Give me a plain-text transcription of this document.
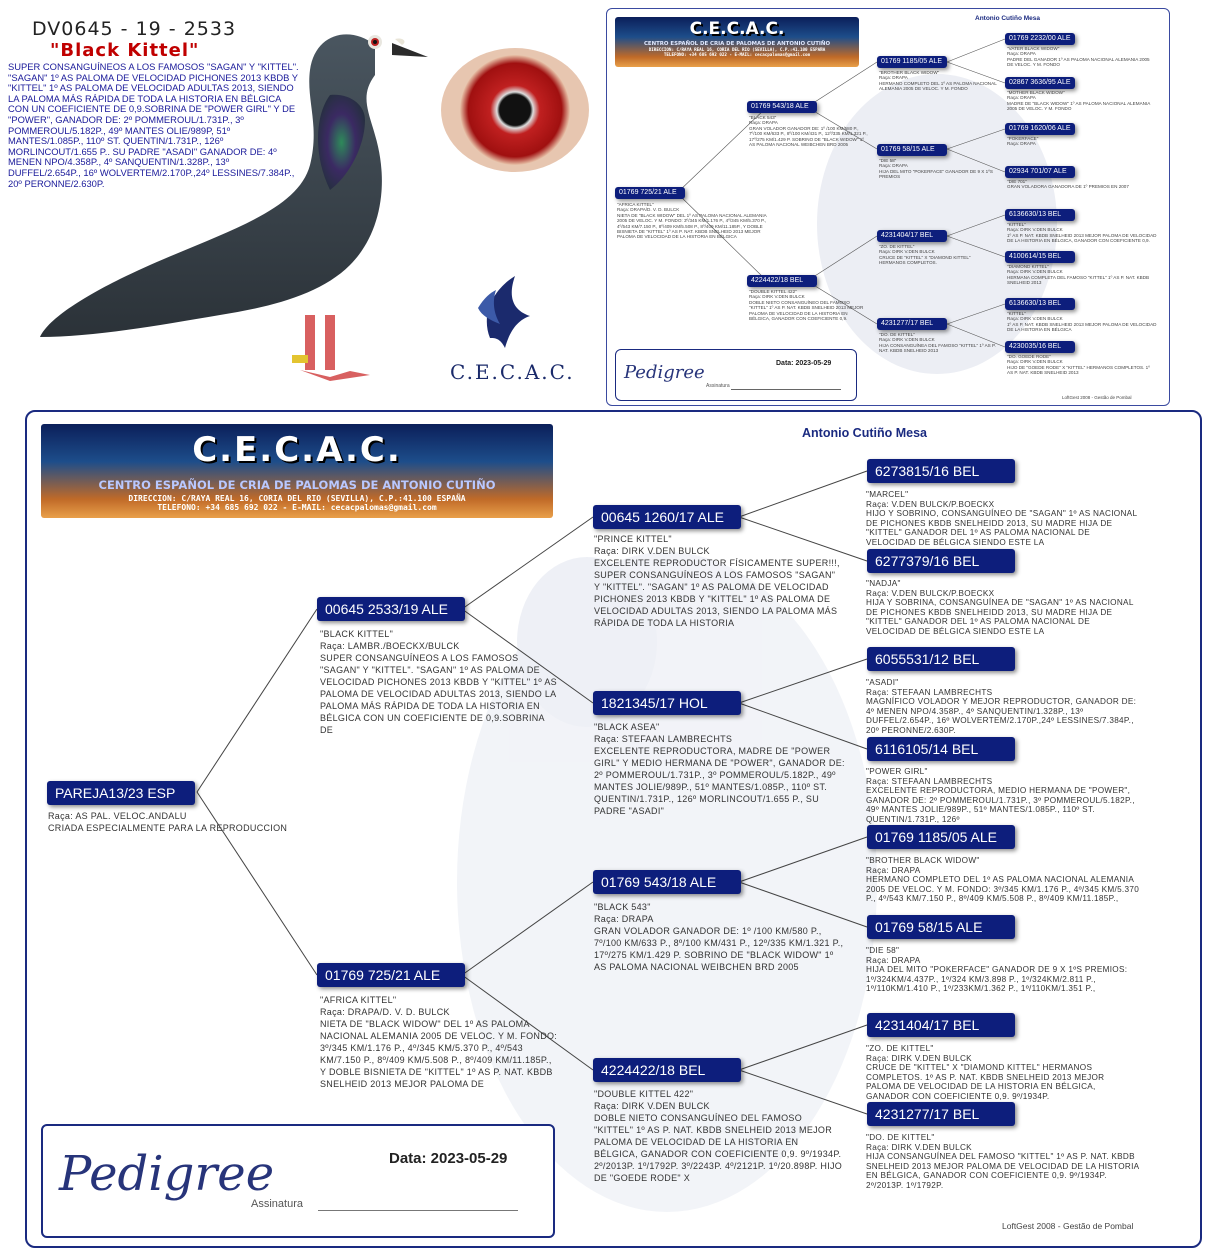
DV0645 - 19 - 2533
"Black Kittel"
SUPER CONSANGUÍNEOS A LOS FAMOSOS "SAGAN" Y "KITTEL". "SAGAN" 1º AS PALOMA DE VELOCIDAD PICHONES 2013 KBDB Y "KITTEL" 1º AS PALOMA DE VELOCIDAD ADULTAS 2013, SIENDO LA PALOMA MÁS RÁPIDA DE TODA LA HISTORIA EN BÉLGICA CON UN COEFICIENTE DE 0,9.SOBRINA DE "POWER GIRL" Y DE "POWER", GANADOR DE: 2º POMMEROUL/1.731P., 3º POMMEROUL/5.182P., 49º MANTES OLIE/989P, 51º MANTES/1.085P., 110º ST. QUENTIN/1.731P., 126º MORLINCOUT/1.655 P.. SU PADRE "ASADI" GANADOR DE: 4º MENEN NPO/4.358P., 4º SANQUENTIN/1.328P., 13º DUFFEL/2.654P., 16º WOLVERTEM/2.170P.,24º LESSINES/7.384P., 20º PERONNE/2.630P.
C.E.C.A.C.
C.E.C.A.C.
CENTRO ESPAÑOL DE CRIA DE PALOMAS DE ANTONIO CUTIÑO
DIRECCION: C/RAYA REAL 16, CORIA DEL RIO (SEVILLA), C.P.:41.100 ESPAÑA
TELEFONO: +34 685 692 022 - E-MAIL: cecacpalomas@gmail.com
Antonio Cutiño Mesa
01769 725/21 ALE
"AFRICA KITTEL"
Raça: DRAPA/D. V. D. BULCK
NIETA DE "BLACK WIDOW" DEL 1º AS PALOMA NACIONAL ALEMANIA 2005 DE VELOC. Y M. FONDO: 3º/345 KM/1.176 P., 4º/345 KM/5.370 P., 4º/543 KM/7.150 P., 8º/409 KM/5.508 P., 8º/409 KM/11.185P., Y DOBLE BISNIETA DE "KITTEL" 1º AS P. NAT. KBDB SNELHEID 2013 MEJOR PALOMA DE VELOCIDAD DE LA HISTORIA EN BÉLGICA
01769 543/18 ALE
"BLACK 543"
Raça: DRAPA
GRAN VOLADOR GANADOR DE: 1º /100 KM/580 P., 7º/100 KM/633 P., 8º/100 KM/431 P., 12º/335 KM/1.321 P., 17º/275 KM/1.429 P. SOBRINO DE "BLACK WIDOW" 1º AS PALOMA NACIONAL WEIBCHEN BRD 2005
4224422/18 BEL
"DOUBLE KITTEL 422"
Raça: DIRK V.DEN BULCK
DOBLE NIETO CONSANGUÍNEO DEL FAMOSO "KITTEL" 1º AS P. NAT. KBDB SNELHEID 2013 MEJOR PALOMA DE VELOCIDAD DE LA HISTORIA EN BÉLGICA, GANADOR CON COEFICIENTE 0,9.
01769 1185/05 ALE
"BROTHER BLACK WIDOW"
Raça: DRAPA
HERMANO COMPLETO DEL 1º AS PALOMA NACIONAL ALEMANIA 2005 DE VELOC. Y M. FONDO
01769 58/15 ALE
"DIE 58"
Raça: DRAPA
HIJA DEL MITO "POKERFACE" GANADOR DE 9 X 1ºS PREMIOS
4231404/17 BEL
"ZO. DE KITTEL"
Raça: DIRK V.DEN BULCK
CRUCE DE "KITTEL" X "DIAMOND KITTEL" HERMANOS COMPLETOS.
4231277/17 BEL
"DO. DE KITTEL"
Raça: DIRK V.DEN BULCK
HIJA CONSANGUÍNEA DEL FAMOSO "KITTEL" 1º AS P. NAT. KBDB SNELHEID 2013
01769 2232/00 ALE
"VATER BLACK WIDOW"
Raça: DRAPA
PADRE DEL GANADOR 1º AS PALOMA NACIONAL ALEMANIA 2005 DE VELOC. Y M. FONDO
02867 3636/95 ALE
"MOTHER BLACK WIDOW"
Raça: DRAPA
MADRE DE "BLACK WIDOW" 1º AS PALOMA NACIONAL ALEMANIA 2005 DE VELOC. Y M. FONDO
01769 1620/06 ALE
"POKERFACE"
Raça: DRAPA
02934 701/07 ALE
"DIE 701"
GRAN VOLADORA GANADORA DE 1º PREMIOS EN 2007
6136630/13 BEL
"KITTEL"
Raça: DIRK V.DEN BULCK
1º AS P. NAT. KBDB SNELHEID 2013 MEJOR PALOMA DE VELOCIDAD DE LA HISTORIA EN BÉLGICA, GANADOR CON COEFICIENTE 0,9.
4100614/15 BEL
"DIAMOND KITTEL"
Raça: DIRK V.DEN BULCK
HERMANA COMPLETA DEL FAMOSO "KITTEL" 1º AS P. NAT. KBDB SNELHEID 2013
6136630/13 BEL
"KITTEL"
Raça: DIRK V.DEN BULCK
1º AS P. NAT. KBDB SNELHEID 2013 MEJOR PALOMA DE VELOCIDAD DE LA HISTORIA EN BÉLGICA
4230035/16 BEL
"DO. GOEDE RODE"
Raça: DIRK V.DEN BULCK
HIJO DE "GOEDE RODE" X "KITTEL" HERMANOS COMPLETOS. 1º AS P. NAT. KBDB SNELHEID 2013
Pedigree	Data: 2023-05-29
Assinatura
LoftGest 2008 - Gestão de Pombal
C.E.C.A.C.
CENTRO ESPAÑOL DE CRIA DE PALOMAS DE ANTONIO CUTIÑO
DIRECCION: C/RAYA REAL 16, CORIA DEL RIO (SEVILLA), C.P.:41.100 ESPAÑA
TELEFONO: +34 685 692 022 - E-MAIL: cecacpalomas@gmail.com
Antonio Cutiño Mesa
PAREJA13/23 ESP
Raça: AS PAL. VELOC.ANDALU
CRIADA ESPECIALMENTE PARA LA REPRODUCCION
00645 2533/19 ALE
"BLACK KITTEL"
Raça: LAMBR./BOECKX/BULCK
SUPER CONSANGUÍNEOS A LOS FAMOSOS "SAGAN" Y "KITTEL". "SAGAN" 1º AS PALOMA DE VELOCIDAD PICHONES 2013 KBDB Y "KITTEL" 1º AS PALOMA DE VELOCIDAD ADULTAS 2013, SIENDO LA PALOMA MÁS RÁPIDA DE TODA LA HISTORIA EN BÉLGICA CON UN COEFICIENTE DE 0,9.SOBRINA DE
01769 725/21 ALE
"AFRICA KITTEL"
Raça: DRAPA/D. V. D. BULCK
NIETA DE "BLACK WIDOW" DEL 1º AS PALOMA NACIONAL ALEMANIA 2005 DE VELOC. Y M. FONDO: 3º/345 KM/1.176 P., 4º/345 KM/5.370 P., 4º/543 KM/7.150 P., 8º/409 KM/5.508 P., 8º/409 KM/11.185P., Y DOBLE BISNIETA DE "KITTEL" 1º AS P. NAT. KBDB SNELHEID 2013 MEJOR PALOMA DE
00645 1260/17 ALE
"PRINCE KITTEL"
Raça: DIRK V.DEN BULCK
EXCELENTE REPRODUCTOR FÍSICAMENTE SUPER!!!, SUPER CONSANGUÍNEOS A LOS FAMOSOS "SAGAN" Y "KITTEL". "SAGAN" 1º AS PALOMA DE VELOCIDAD PICHONES 2013 KBDB Y "KITTEL" 1º AS PALOMA DE VELOCIDAD ADULTAS 2013, SIENDO LA PALOMA MÁS RÁPIDA DE TODA LA HISTORIA
1821345/17 HOL
"BLACK ASEA"
Raça: STEFAAN LAMBRECHTS
EXCELENTE REPRODUCTORA, MADRE DE "POWER GIRL" Y MEDIO HERMANA DE "POWER", GANADOR DE: 2º POMMEROUL/1.731P., 3º POMMEROUL/5.182P., 49º MANTES JOLIE/989P., 51º MANTES/1.085P., 110º ST. QUENTIN/1.731P., 126º MORLINCOUT/1.655 P., SU PADRE "ASADI"
01769 543/18 ALE
"BLACK 543"
Raça: DRAPA
GRAN VOLADOR GANADOR DE: 1º /100 KM/580 P., 7º/100 KM/633 P., 8º/100 KM/431 P., 12º/335 KM/1.321 P., 17º/275 KM/1.429 P. SOBRINO DE "BLACK WIDOW" 1º AS PALOMA NACIONAL WEIBCHEN BRD 2005
4224422/18 BEL
"DOUBLE KITTEL 422"
Raça: DIRK V.DEN BULCK
DOBLE NIETO CONSANGUÍNEO DEL FAMOSO "KITTEL" 1º AS P. NAT. KBDB SNELHEID 2013 MEJOR PALOMA DE VELOCIDAD DE LA HISTORIA EN BÉLGICA, GANADOR CON COEFICIENTE 0,9. 9º/1934P. 2º/2013P. 1º/1792P. 3º/2243P. 4º/2121P. 1º/20.898P. HIJO DE "GOEDE RODE" X
6273815/16 BEL
"MARCEL"
Raça: V.DEN BULCK/P.BOECKX
HIJO Y SOBRINO, CONSANGUÍNEO DE "SAGAN" 1º AS NACIONAL DE PICHONES KBDB SNELHEIDD 2013, SU MADRE HIJA DE "KITTEL" GANADOR DEL 1º AS PALOMA NACIONAL DE VELOCIDAD DE BÉLGICA SIENDO ESTE LA
6277379/16 BEL
"NADJA"
Raça: V.DEN BULCK/P.BOECKX
HIJA Y SOBRINA, CONSANGUÍNEA DE "SAGAN" 1º AS NACIONAL DE PICHONES KBDB SNELHEIDD 2013, SU MADRE HIJA DE "KITTEL" GANADOR DEL 1º AS PALOMA NACIONAL DE VELOCIDAD DE BÉLGICA SIENDO ESTE LA
6055531/12 BEL
"ASADI"
Raça: STEFAAN LAMBRECHTS
MAGNÍFICO VOLADOR Y MEJOR REPRODUCTOR, GANADOR DE: 4º MENEN NPO/4.358P., 4º SANQUENTIN/1.328P., 13º DUFFEL/2.654P., 16º WOLVERTEM/2.170P.,24º LESSINES/7.384P., 20º PERONNE/2.630P.
6116105/14 BEL
"POWER GIRL"
Raça: STEFAAN LAMBRECHTS
EXCELENTE REPRODUCTORA, MEDIO HERMANA DE "POWER", GANADOR DE: 2º POMMEROUL/1.731P., 3º POMMEROUL/5.182P., 49º MANTES JOLIE/989P., 51º MANTES/1.085P., 110º ST. QUENTIN/1.731P., 126º
01769 1185/05 ALE
"BROTHER BLACK WIDOW"
Raça: DRAPA
HERMANO COMPLETO DEL 1º AS PALOMA NACIONAL ALEMANIA 2005 DE VELOC. Y M. FONDO: 3º/345 KM/1.176 P., 4º/345 KM/5.370 P., 4º/543 KM/7.150 P., 8º/409 KM/5.508 P., 8º/409 KM/11.185P.,
01769 58/15 ALE
"DIE 58"
Raça: DRAPA
HIJA DEL MITO "POKERFACE" GANADOR DE 9 X 1ºS PREMIOS: 1º/324KM/4.437P., 1º/324 KM/3.898 P., 1º/324KM/2.811 P., 1º/110KM/1.410 P., 1º/233KM/1.362 P., 1º/110KM/1.351 P.,
4231404/17 BEL
"ZO. DE KITTEL"
Raça: DIRK V.DEN BULCK
CRUCE DE "KITTEL" X "DIAMOND KITTEL" HERMANOS COMPLETOS. 1º AS P. NAT. KBDB SNELHEID 2013 MEJOR PALOMA DE VELOCIDAD DE LA HISTORIA EN BÉLGICA, GANADOR CON COEFICIENTE 0,9. 9º/1934P.
4231277/17 BEL
"DO. DE KITTEL"
Raça: DIRK V.DEN BULCK
HIJA CONSANGUÍNEA DEL FAMOSO "KITTEL" 1º AS P. NAT. KBDB SNELHEID 2013 MEJOR PALOMA DE VELOCIDAD DE LA HISTORIA EN BÉLGICA, GANADOR CON COEFICIENTE 0,9. 9º/1934P. 2º/2013P. 1º/1792P.
Pedigree	Data: 2023-05-29
Assinatura
LoftGest 2008 - Gestão de Pombal
